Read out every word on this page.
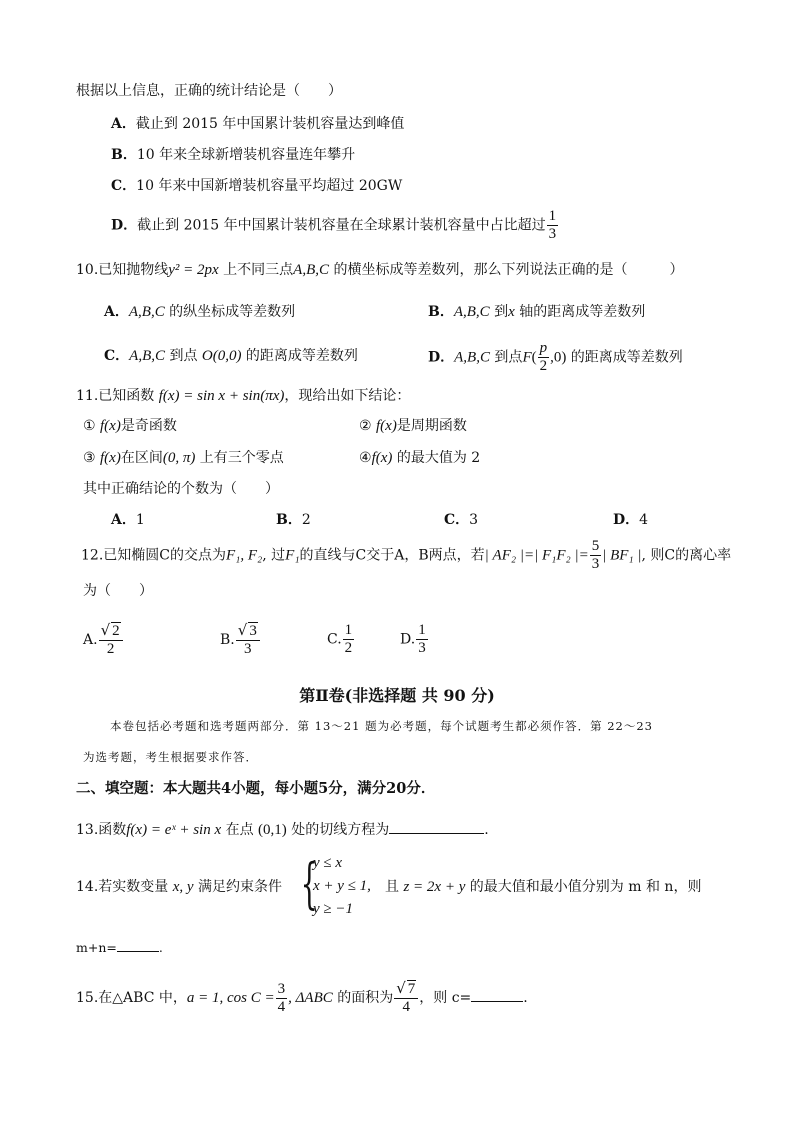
根据以上信息，正确的统计结论是（　　）
A．截止到 2015 年中国累计装机容量达到峰值
B．10 年来全球新增装机容量连年攀升
C．10 年来中国新增装机容量平均超过 20GW
D．截止到 2015 年中国累计装机容量在全球累计装机容量中占比超过 $\frac{1}{3}$
10.已知抛物线y² = 2px 上不同三点A,B,C 的横坐标成等差数列，那么下列说法正确的是（　　　）
A．A,B,C 的纵坐标成等差数列	B．A,B,C 到x 轴的距离成等差数列
C．A,B,C 到点 O(0,0) 的距离成等差数列	D．A,B,C 到点$F( \frac{p}{2} ,0)$ 的距离成等差数列
11.已知函数 f(x) = sin x + sin(πx)，现给出如下结论：
① f(x)是奇函数	② f(x)是周期函数
③ f(x)在区间(0, π) 上有三个零点	④f(x) 的最大值为 2
其中正确结论的个数为（　　）
A．1	B．2	C．3	D．4
12.已知椭圆C的交点为F₁, F₂, 过F₁的直线与C交于A，B两点，若| AF₂ |=| F₁F₂ |= $\frac{5}{3}$ | BF₁ |, 则C的离心率
为（　　）
A. $\frac{√ 2}{2}$	B. $\frac{√ 3}{3}$	C. $\frac{1}{2}$	D. $\frac{1}{3}$
第Ⅱ卷(非选择题 共 90 分)
本卷包括必考题和选考题两部分．第 13～21 题为必考题，每个试题考生都必须作答．第 22～23
为选考题，考生根据要求作答．
二、填空题：本大题共4小题，每小题5分，满分20分．
13.函数f(x) = eˣ + sin x 在点 (0,1) 处的切线方程为	.
14.若实数变量 x, y 满足约束条件 {
y ≤ x
x + y ≤ 1,
y ≥ −1
且 z = 2x + y 的最大值和最小值分别为 m 和 n，则
m+n=	.
15.在△ABC 中，a = 1, $\cos C = \frac{3}{4}$ , ΔABC 的面积为 $\frac{√ 7}{4}$ ，则 c=	.
